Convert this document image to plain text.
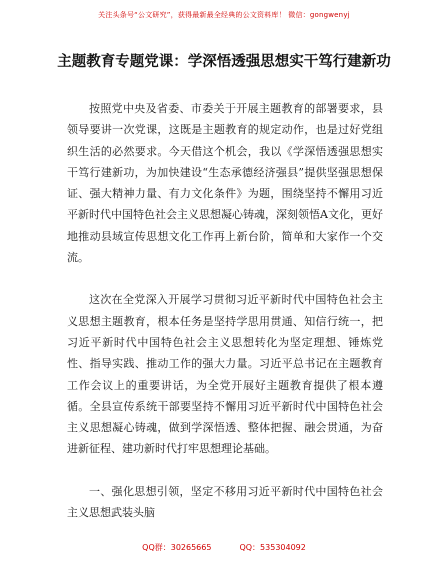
关注头条号“公文研究”，获得最新最全经典的公文资料库！ 微信：gongwenyj
主题教育专题党课：学深悟透强思想实干笃行建新功

按照党中央及省委、市委关于开展主题教育的部署要求，县领导要讲一次党课，这既是主题教育的规定动作，也是过好党组织生活的必然要求。今天借这个机会，我以《学深悟透强思想实干笃行建新功，为加快建设“生态承德经济强县”提供坚强思想保证、强大精神力量、有力文化条件》为题，围绕坚持不懈用习近平新时代中国特色社会主义思想凝心铸魂，深刻领悟A文化，更好地推动县域宣传思想文化工作再上新台阶，简单和大家作一个交流。

这次在全党深入开展学习贯彻习近平新时代中国特色社会主义思想主题教育，根本任务是坚持学思用贯通、知信行统一，把习近平新时代中国特色社会主义思想转化为坚定理想、锤炼党性、指导实践、推动工作的强大力量。习近平总书记在主题教育工作会议上的重要讲话，为全党开展好主题教育提供了根本遵循。全县宣传系统干部要坚持不懈用习近平新时代中国特色社会主义思想凝心铸魂，做到学深悟透、整体把握、融会贯通，为奋进新征程、建功新时代打牢思想理论基础。

一、强化思想引领，坚定不移用习近平新时代中国特色社会主义思想武装头脑

QQ群：30265665	QQ：535304092
